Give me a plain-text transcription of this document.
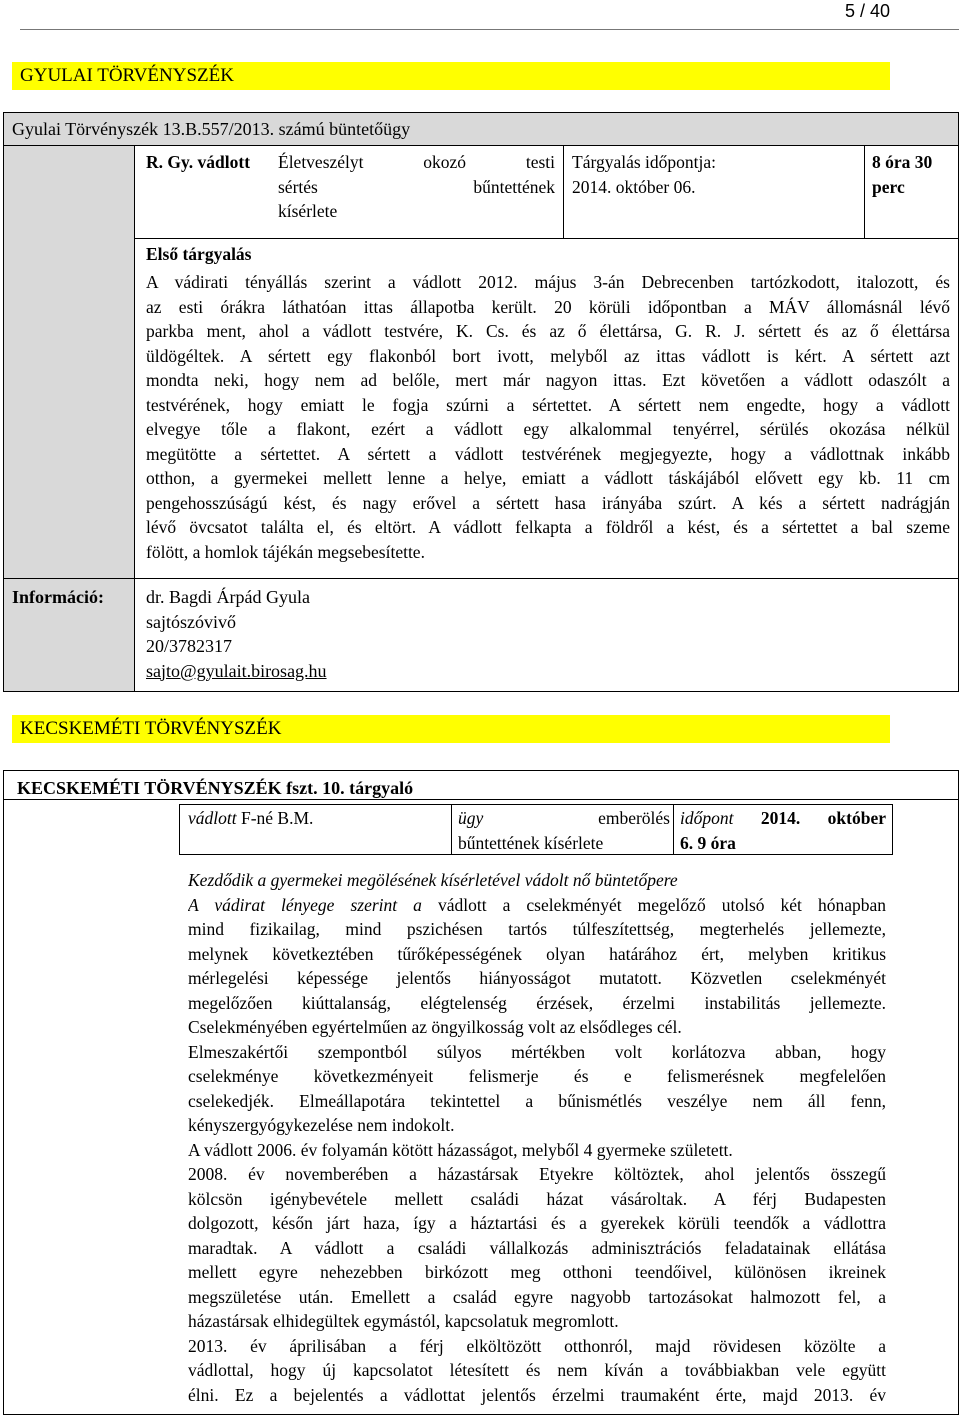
5 / 40
GYULAI TÖRVÉNYSZÉK
Gyulai Törvényszék 13.B.557/2013. számú büntetőügy
Információ:
R. Gy. vádlott Életveszélyt okozó testi
sértés bűntettének
kísérlete
Tárgyalás időpontja:
2014. október 06.
8 óra 30
perc
Első tárgyalás
A vádirati tényállás szerint a vádlott 2012. május 3-án Debrecenben tartózkodott, italozott, és
az esti órákra láthatóan ittas állapotba került. 20 körüli időpontban a MÁV állomásnál lévő
parkba ment, ahol a vádlott testvére, K. Cs. és az ő élettársa, G. R. J. sértett és az ő élettársa
üldögéltek. A sértett egy flakonból bort ivott, melyből az ittas vádlott is kért. A sértett azt
mondta neki, hogy nem ad belőle, mert már nagyon ittas. Ezt követően a vádlott odaszólt a
testvérének, hogy emiatt le fogja szúrni a sértettet. A sértett nem engedte, hogy a vádlott
elvegye tőle a flakont, ezért a vádlott egy alkalommal tenyérrel, sérülés okozása nélkül
megütötte a sértettet. A sértett a vádlott testvérének megjegyezte, hogy a vádlottnak inkább
otthon, a gyermekei mellett lenne a helye, emiatt a vádlott táskájából elővett egy kb. 11 cm
pengehosszúságú kést, és nagy erővel a sértett hasa irányába szúrt. A kés a sértett nadrágján
lévő övcsatot találta el, és eltört. A vádlott felkapta a földről a kést, és a sértettet a bal szeme
fölött, a homlok tájékán megsebesítette.
dr. Bagdi Árpád Gyula
sajtószóvivő
20/3782317
sajto@gyulait.birosag.hu
KECSKEMÉTI TÖRVÉNYSZÉK
KECSKEMÉTI TÖRVÉNYSZÉK fszt. 10. tárgyaló
vádlott F-né B.M.	ügy	emberölés
bűntettének kísérlete
időpont 2014. október
6. 9 óra
Kezdődik a gyermekei megölésének kísérletével vádolt nő büntetőpere
A vádirat lényege szerint a vádlott a cselekményét megelőző utolsó két hónapban
mind fizikailag, mind pszichésen tartós túlfeszítettség, megterhelés jellemezte,
melynek következtében tűrőképességének olyan határához ért, melyben kritikus
mérlegelési képessége jelentős hiányosságot mutatott. Közvetlen cselekményét
megelőzően kiúttalanság, elégtelenség érzések, érzelmi instabilitás jellemezte.
Cselekményében egyértelműen az öngyilkosság volt az elsődleges cél.
Elmeszakértői szempontból súlyos mértékben volt korlátozva abban, hogy
cselekménye következményeit felismerje és e felismerésnek megfelelően
cselekedjék. Elmeállapotára tekintettel a bűnismétlés veszélye nem áll fenn,
kényszergyógykezelése nem indokolt.
A vádlott 2006. év folyamán kötött házasságot, melyből 4 gyermeke született.
2008. év novemberében a házastársak Etyekre költöztek, ahol jelentős összegű
kölcsön igénybevétele mellett családi házat vásároltak. A férj Budapesten
dolgozott, későn járt haza, így a háztartási és a gyerekek körüli teendők a vádlottra
maradtak. A vádlott a családi vállalkozás adminisztrációs feladatainak ellátása
mellett egyre nehezebben birkózott meg otthoni teendőivel, különösen ikreinek
megszületése után. Emellett a család egyre nagyobb tartozásokat halmozott fel, a
házastársak elhidegültek egymástól, kapcsolatuk megromlott.
2013. év áprilisában a férj elköltözött otthonról, majd rövidesen közölte a
vádlottal, hogy új kapcsolatot létesített és nem kíván a továbbiakban vele együtt
élni. Ez a bejelentés a vádlottat jelentős érzelmi traumaként érte, majd 2013. év
